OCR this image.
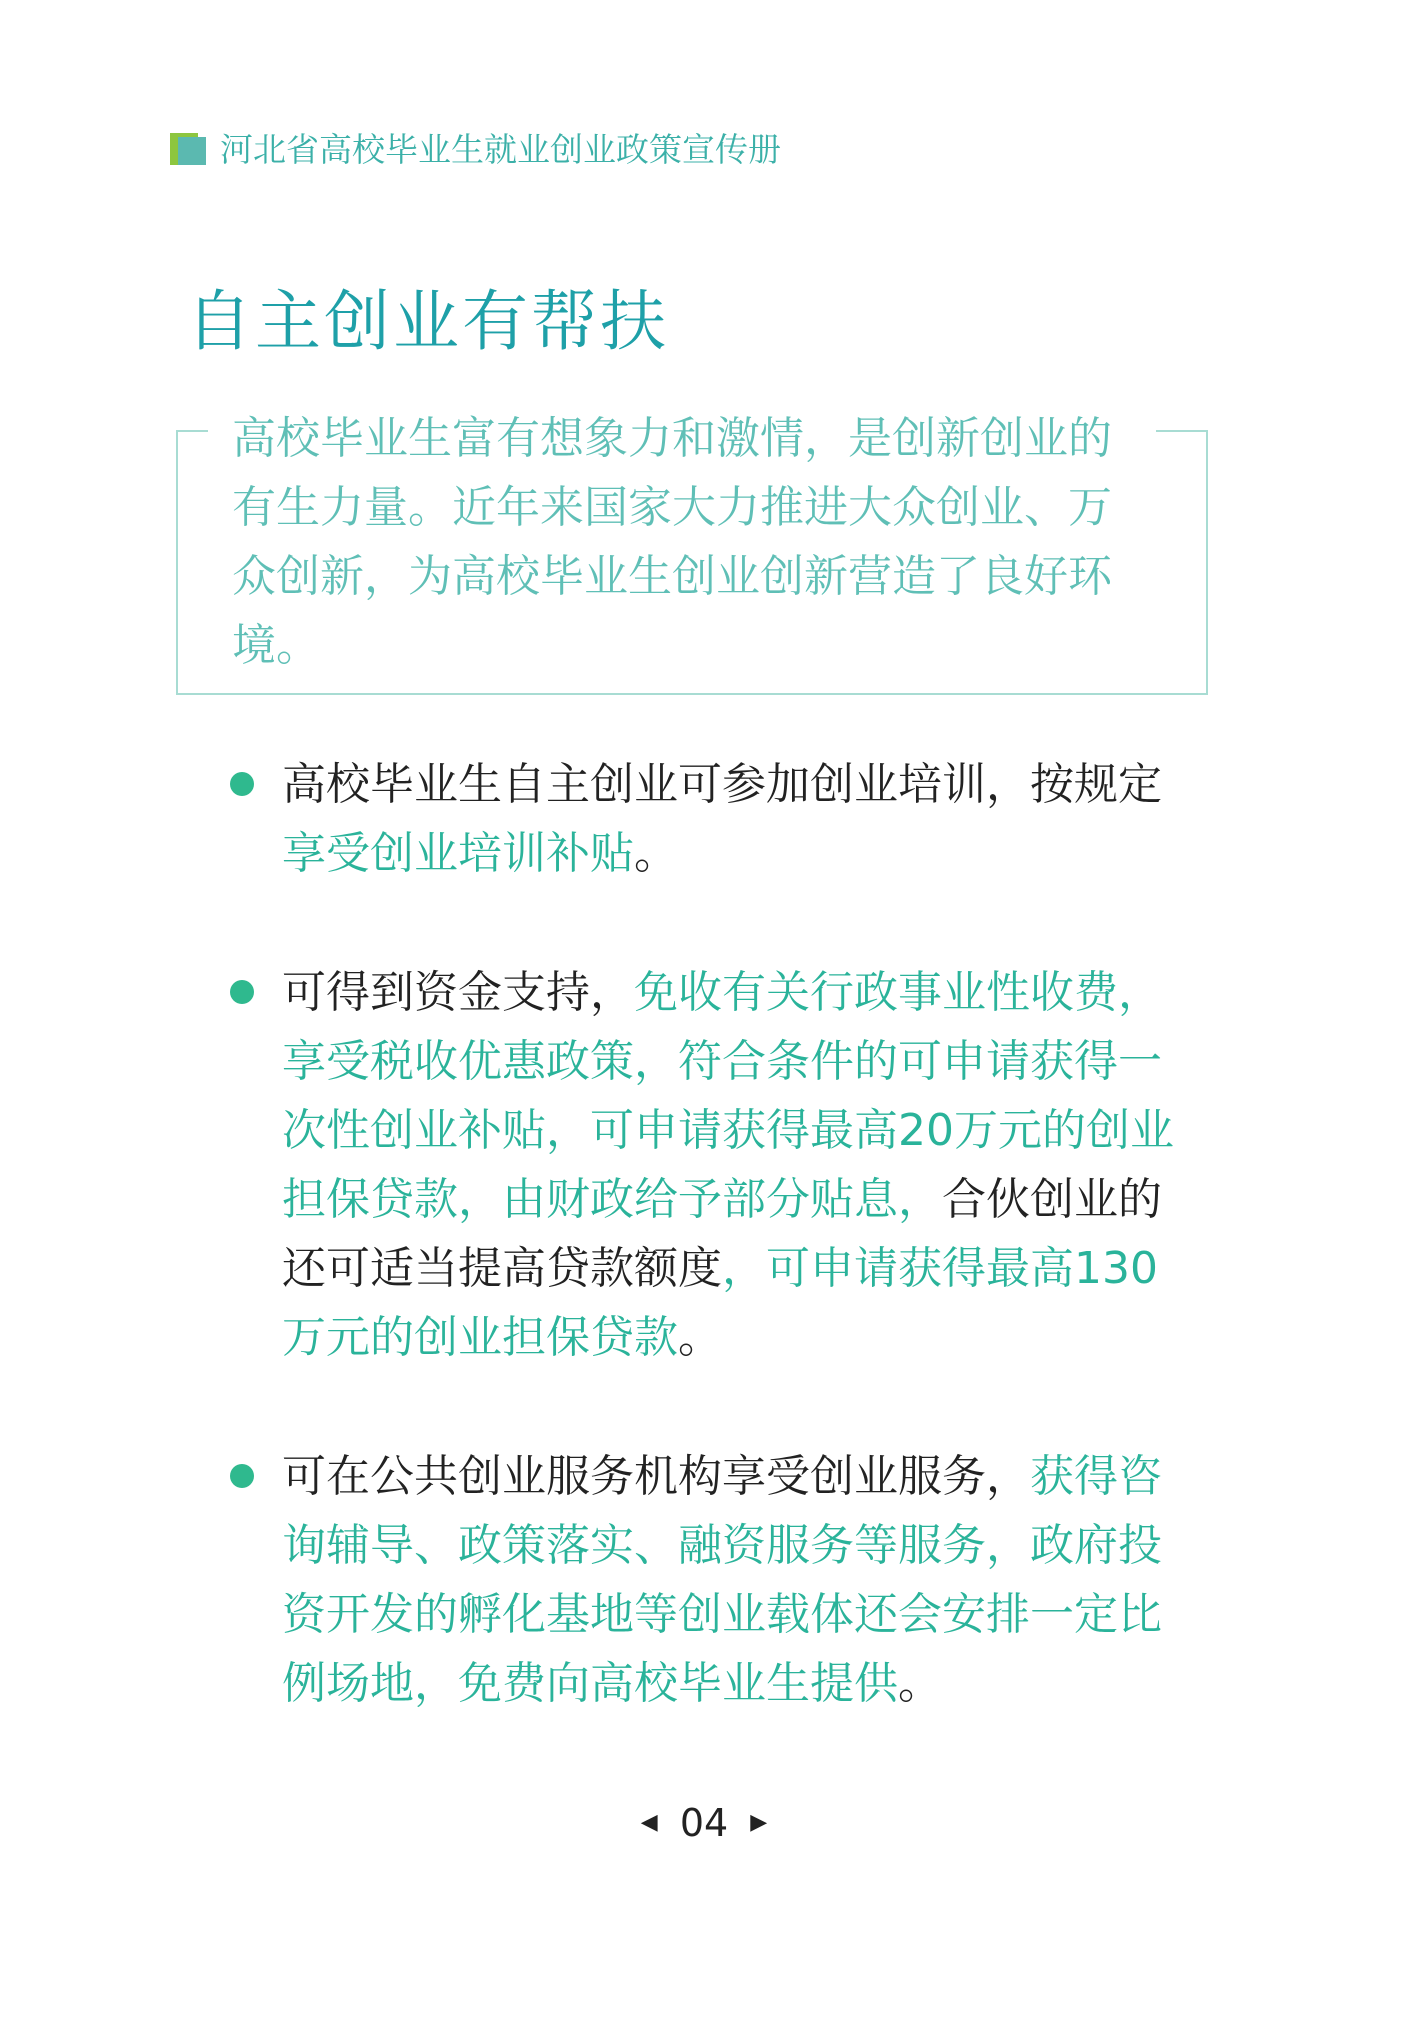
河北省高校毕业生就业创业政策宣传册
自主创业有帮扶

高校毕业生富有想象力和激情，是创新创业的有生力量。近年来国家大力推进大众创业、万众创新，为高校毕业生创业创新营造了良好环境。

高校毕业生自主创业可参加创业培训，按规定享受创业培训补贴。

可得到资金支持，免收有关行政事业性收费，享受税收优惠政策，符合条件的可申请获得一次性创业补贴，可申请获得最高20万元的创业担保贷款，由财政给予部分贴息，合伙创业的还可适当提高贷款额度，可申请获得最高130万元的创业担保贷款。

可在公共创业服务机构享受创业服务，获得咨询辅导、政策落实、融资服务等服务，政府投资开发的孵化基地等创业载体还会安排一定比例场地，免费向高校毕业生提供。

◀ 04 ▶
